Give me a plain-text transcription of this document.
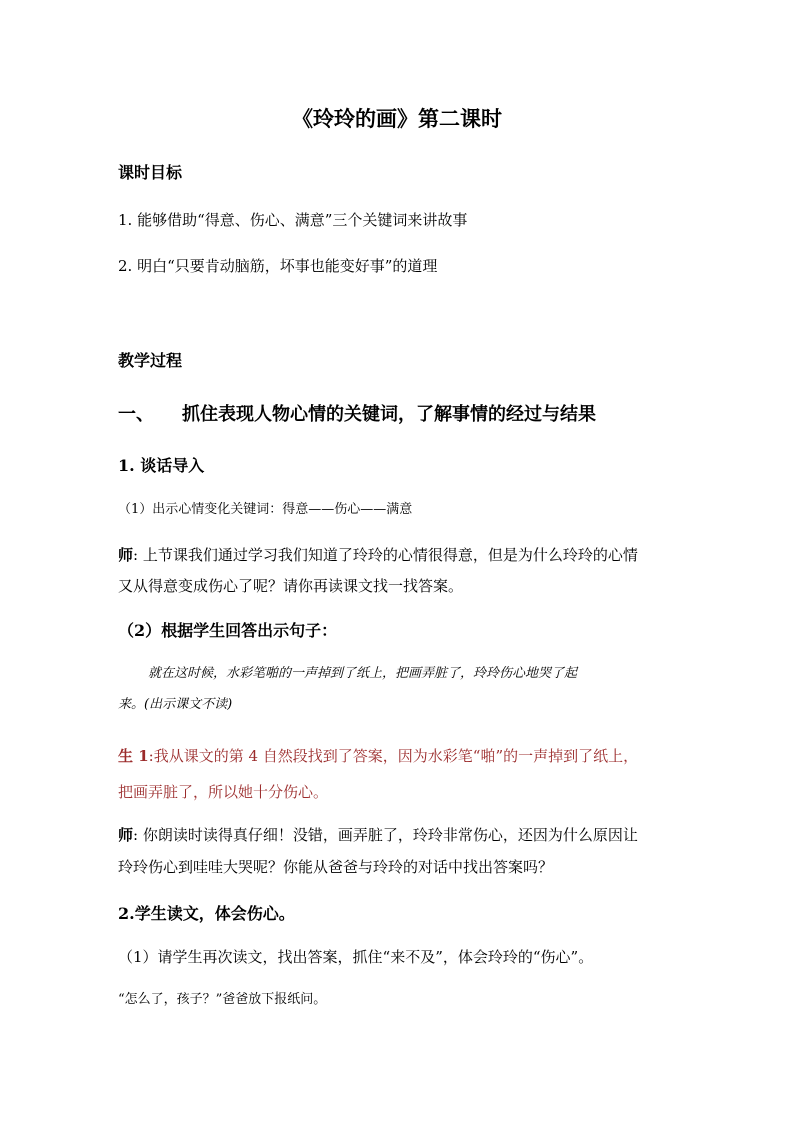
《玲玲的画》第二课时
课时目标
1. 能够借助“得意、伤心、满意”三个关键词来讲故事
2. 明白“只要肯动脑筋，坏事也能变好事”的道理
教学过程
一、 抓住表现人物心情的关键词，了解事情的经过与结果
1. 谈话导入
（1）出示心情变化关键词：得意——伤心——满意
师: 上节课我们通过学习我们知道了玲玲的心情很得意，但是为什么玲玲的心情
又从得意变成伤心了呢？请你再读课文找一找答案。
（2）根据学生回答出示句子：
就在这时候，水彩笔啪的一声掉到了纸上，把画弄脏了，玲玲伤心地哭了起
来。(出示课文不读)
生 1:我从课文的第 4 自然段找到了答案，因为水彩笔“啪”的一声掉到了纸上，
把画弄脏了，所以她十分伤心。
师: 你朗读时读得真仔细！没错，画弄脏了，玲玲非常伤心，还因为什么原因让
玲玲伤心到哇哇大哭呢？你能从爸爸与玲玲的对话中找出答案吗？
2.学生读文，体会伤心。
（1）请学生再次读文，找出答案，抓住“来不及”，体会玲玲的“伤心”。
“怎么了，孩子？”爸爸放下报纸问。
